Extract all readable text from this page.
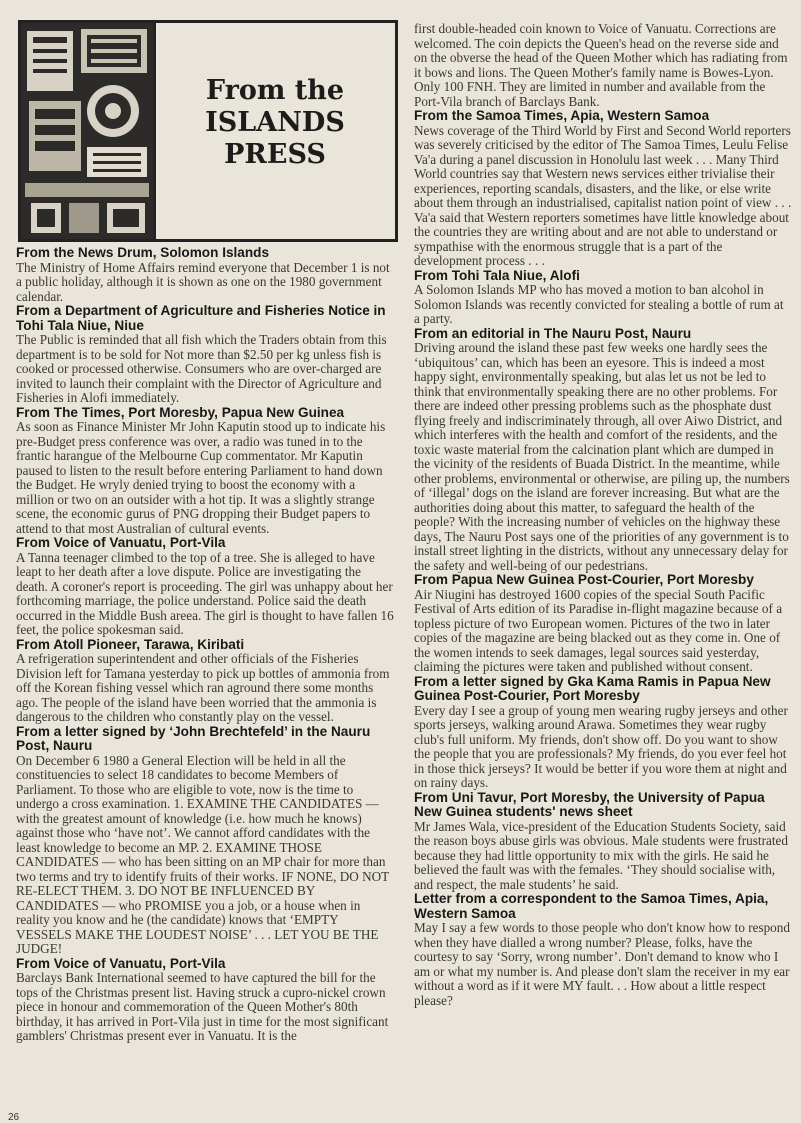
From the
ISLANDS
PRESS

From the News Drum, Solomon Islands

The Ministry of Home Affairs remind everyone that December 1 is not a public holiday, although it is shown as one on the 1980 government calendar.

From a Department of Agriculture and Fisheries Notice in Tohi Tala Niue, Niue

The Public is reminded that all fish which the Traders obtain from this department is to be sold for Not more than $2.50 per kg unless fish is cooked or processed otherwise. Consumers who are over-charged are invited to launch their complaint with the Director of Agriculture and Fisheries in Alofi immediately.

From The Times, Port Moresby, Papua New Guinea

As soon as Finance Minister Mr John Kaputin stood up to indicate his pre-Budget press conference was over, a radio was tuned in to the frantic harangue of the Melbourne Cup commentator. Mr Kaputin paused to listen to the result before entering Parliament to hand down the Budget. He wryly denied trying to boost the economy with a million or two on an outsider with a hot tip. It was a slightly strange scene, the economic gurus of PNG dropping their Budget papers to attend to that most Australian of cultural events.

From Voice of Vanuatu, Port-Vila

A Tanna teenager climbed to the top of a tree. She is alleged to have leapt to her death after a love dispute. Police are investigating the death. A coroner's report is proceeding. The girl was unhappy about her forthcoming marriage, the police understand. Police said the death occurred in the Middle Bush areea. The girl is thought to have fallen 16 feet, the police spokesman said.

From Atoll Pioneer, Tarawa, Kiribati

A refrigeration superintendent and other officials of the Fisheries Division left for Tamana yesterday to pick up bottles of ammonia from off the Korean fishing vessel which ran aground there some months ago. The people of the island have been worried that the ammonia is dangerous to the children who constantly play on the vessel.

From a letter signed by ‘John Brechtefeld’ in the Nauru Post, Nauru

On December 6 1980 a General Election will be held in all the constituencies to select 18 candidates to become Members of Parliament. To those who are eligible to vote, now is the time to undergo a cross examination. 1. EXAMINE THE CANDIDATES — with the greatest amount of knowledge (i.e. how much he knows) against those who ‘have not’. We cannot afford candidates with the least knowledge to become an MP. 2. EXAMINE THOSE CANDIDATES — who has been sitting on an MP chair for more than two terms and try to identify fruits of their works. IF NONE, DO NOT RE-ELECT THEM. 3. DO NOT BE INFLUENCED BY CANDIDATES — who PROMISE you a job, or a house when in reality you know and he (the candidate) knows that ‘EMPTY VESSELS MAKE THE LOUDEST NOISE’ . . . LET YOU BE THE JUDGE!

From Voice of Vanuatu, Port-Vila

Barclays Bank International seemed to have captured the bill for the tops of the Christmas present list. Having struck a cupro-nickel crown piece in honour and commemoration of the Queen Mother's 80th birthday, it has arrived in Port-Vila just in time for the most significant gamblers' Christmas present ever in Vanuatu. It is the

first double-headed coin known to Voice of Vanuatu. Corrections are welcomed. The coin depicts the Queen's head on the reverse side and on the obverse the head of the Queen Mother which has radiating from it bows and lions. The Queen Mother's family name is Bowes-Lyon. Only 100 FNH. They are limited in number and available from the Port-Vila branch of Barclays Bank.

From the Samoa Times, Apia, Western Samoa

News coverage of the Third World by First and Second World reporters was severely criticised by the editor of The Samoa Times, Leulu Felise Va'a during a panel discussion in Honolulu last week . . . Many Third World countries say that Western news services either trivialise their experiences, reporting scandals, disasters, and the like, or else write about them through an industrialised, capitalist nation point of view . . . Va'a said that Western reporters sometimes have little knowledge about the countries they are writing about and are not able to understand or sympathise with the enormous struggle that is a part of the development process . . .

From Tohi Tala Niue, Alofi

A Solomon Islands MP who has moved a motion to ban alcohol in Solomon Islands was recently convicted for stealing a bottle of rum at a party.

From an editorial in The Nauru Post, Nauru

Driving around the island these past few weeks one hardly sees the ‘ubiquitous’ can, which has been an eyesore. This is indeed a most happy sight, environmentally speaking, but alas let us not be led to think that environmentally speaking there are no other problems. For there are indeed other pressing problems such as the phosphate dust flying freely and indiscriminately through, all over Aiwo District, and which interferes with the health and comfort of the residents, and the toxic waste material from the calcination plant which are dumped in the vicinity of the residents of Buada District. In the meantime, while other problems, environmental or otherwise, are piling up, the numbers of ‘illegal’ dogs on the island are forever increasing. But what are the authorities doing about this matter, to safeguard the health of the people? With the increasing number of vehicles on the highway these days, The Nauru Post says one of the priorities of any government is to install street lighting in the districts, without any unnecessary delay for the safety and well-being of our pedestrians.

From Papua New Guinea Post-Courier, Port Moresby

Air Niugini has destroyed 1600 copies of the special South Pacific Festival of Arts edition of its Paradise in-flight magazine because of a topless picture of two European women. Pictures of the two in later copies of the magazine are being blacked out as they come in. One of the women intends to seek damages, legal sources said yesterday, claiming the pictures were taken and published without consent.

From a letter signed by Gka Kama Ramis in Papua New Guinea Post-Courier, Port Moresby

Every day I see a group of young men wearing rugby jerseys and other sports jerseys, walking around Arawa. Sometimes they wear rugby club's full uniform. My friends, don't show off. Do you want to show the people that you are professionals? My friends, do you ever feel hot in those thick jerseys? It would be better if you wore them at night and on rainy days.

From Uni Tavur, Port Moresby, the University of Papua New Guinea students' news sheet

Mr James Wala, vice-president of the Education Students Society, said the reason boys abuse girls was obvious. Male students were frustrated because they had little opportunity to mix with the girls. He said he believed the fault was with the females. ‘They should socialise with, and respect, the male students’ he said.

Letter from a correspondent to the Samoa Times, Apia, Western Samoa

May I say a few words to those people who don't know how to respond when they have dialled a wrong number? Please, folks, have the courtesy to say ‘Sorry, wrong number’. Don't demand to know who I am or what my number is. And please don't slam the receiver in my ear without a word as if it were MY fault. . . How about a little respect please?

26
